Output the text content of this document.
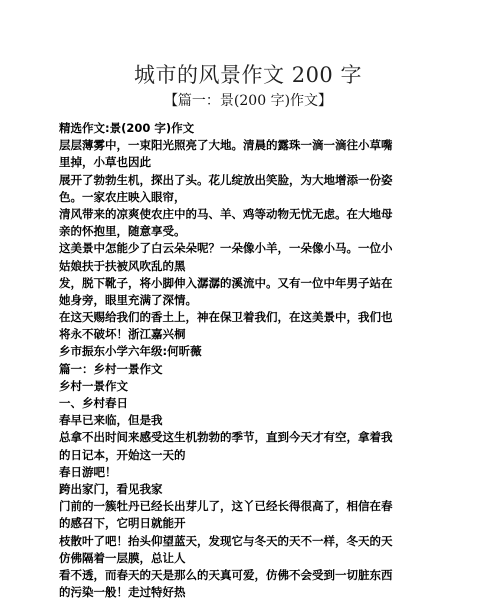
城市的风景作文 200 字
【篇一：景(200 字)作文】
精选作文:景(200 字)作文
层层薄雾中，一束阳光照亮了大地。清晨的露珠一滴一滴往小草嘴
里掉，小草也因此
展开了勃勃生机，探出了头。花儿绽放出笑脸，为大地增添一份姿
色。一家农庄映入眼帘，
清风带来的凉爽使农庄中的马、羊、鸡等动物无忧无虑。在大地母
亲的怀抱里，随意享受。
这美景中怎能少了白云朵朵呢？一朵像小羊，一朵像小马。一位小
姑娘扶于扶被风吹乱的黑
发，脱下靴子，将小脚伸入潺潺的溪流中。又有一位中年男子站在
她身旁，眼里充满了深情。
在这天赐给我们的香土上，神在保卫着我们，在这美景中，我们也
将永不破坏！浙江嘉兴桐
乡市振东小学六年级:何昕薇
篇一：乡村一景作文
乡村一景作文
一、乡村春日
春早已来临，但是我
总拿不出时间来感受这生机勃勃的季节，直到今天才有空，拿着我
的日记本，开始这一天的
春日游吧！
跨出家门，看见我家
门前的一簇牡丹已经长出芽儿了，这丫已经长得很高了，相信在春
的感召下，它明日就能开
枝散叶了吧！抬头仰望蓝天，发现它与冬天的天不一样，冬天的天
仿佛隔着一层膜，总让人
看不透，而春天的天是那么的天真可爱，仿佛不会受到一切脏东西
的污染一般！走过特好热
